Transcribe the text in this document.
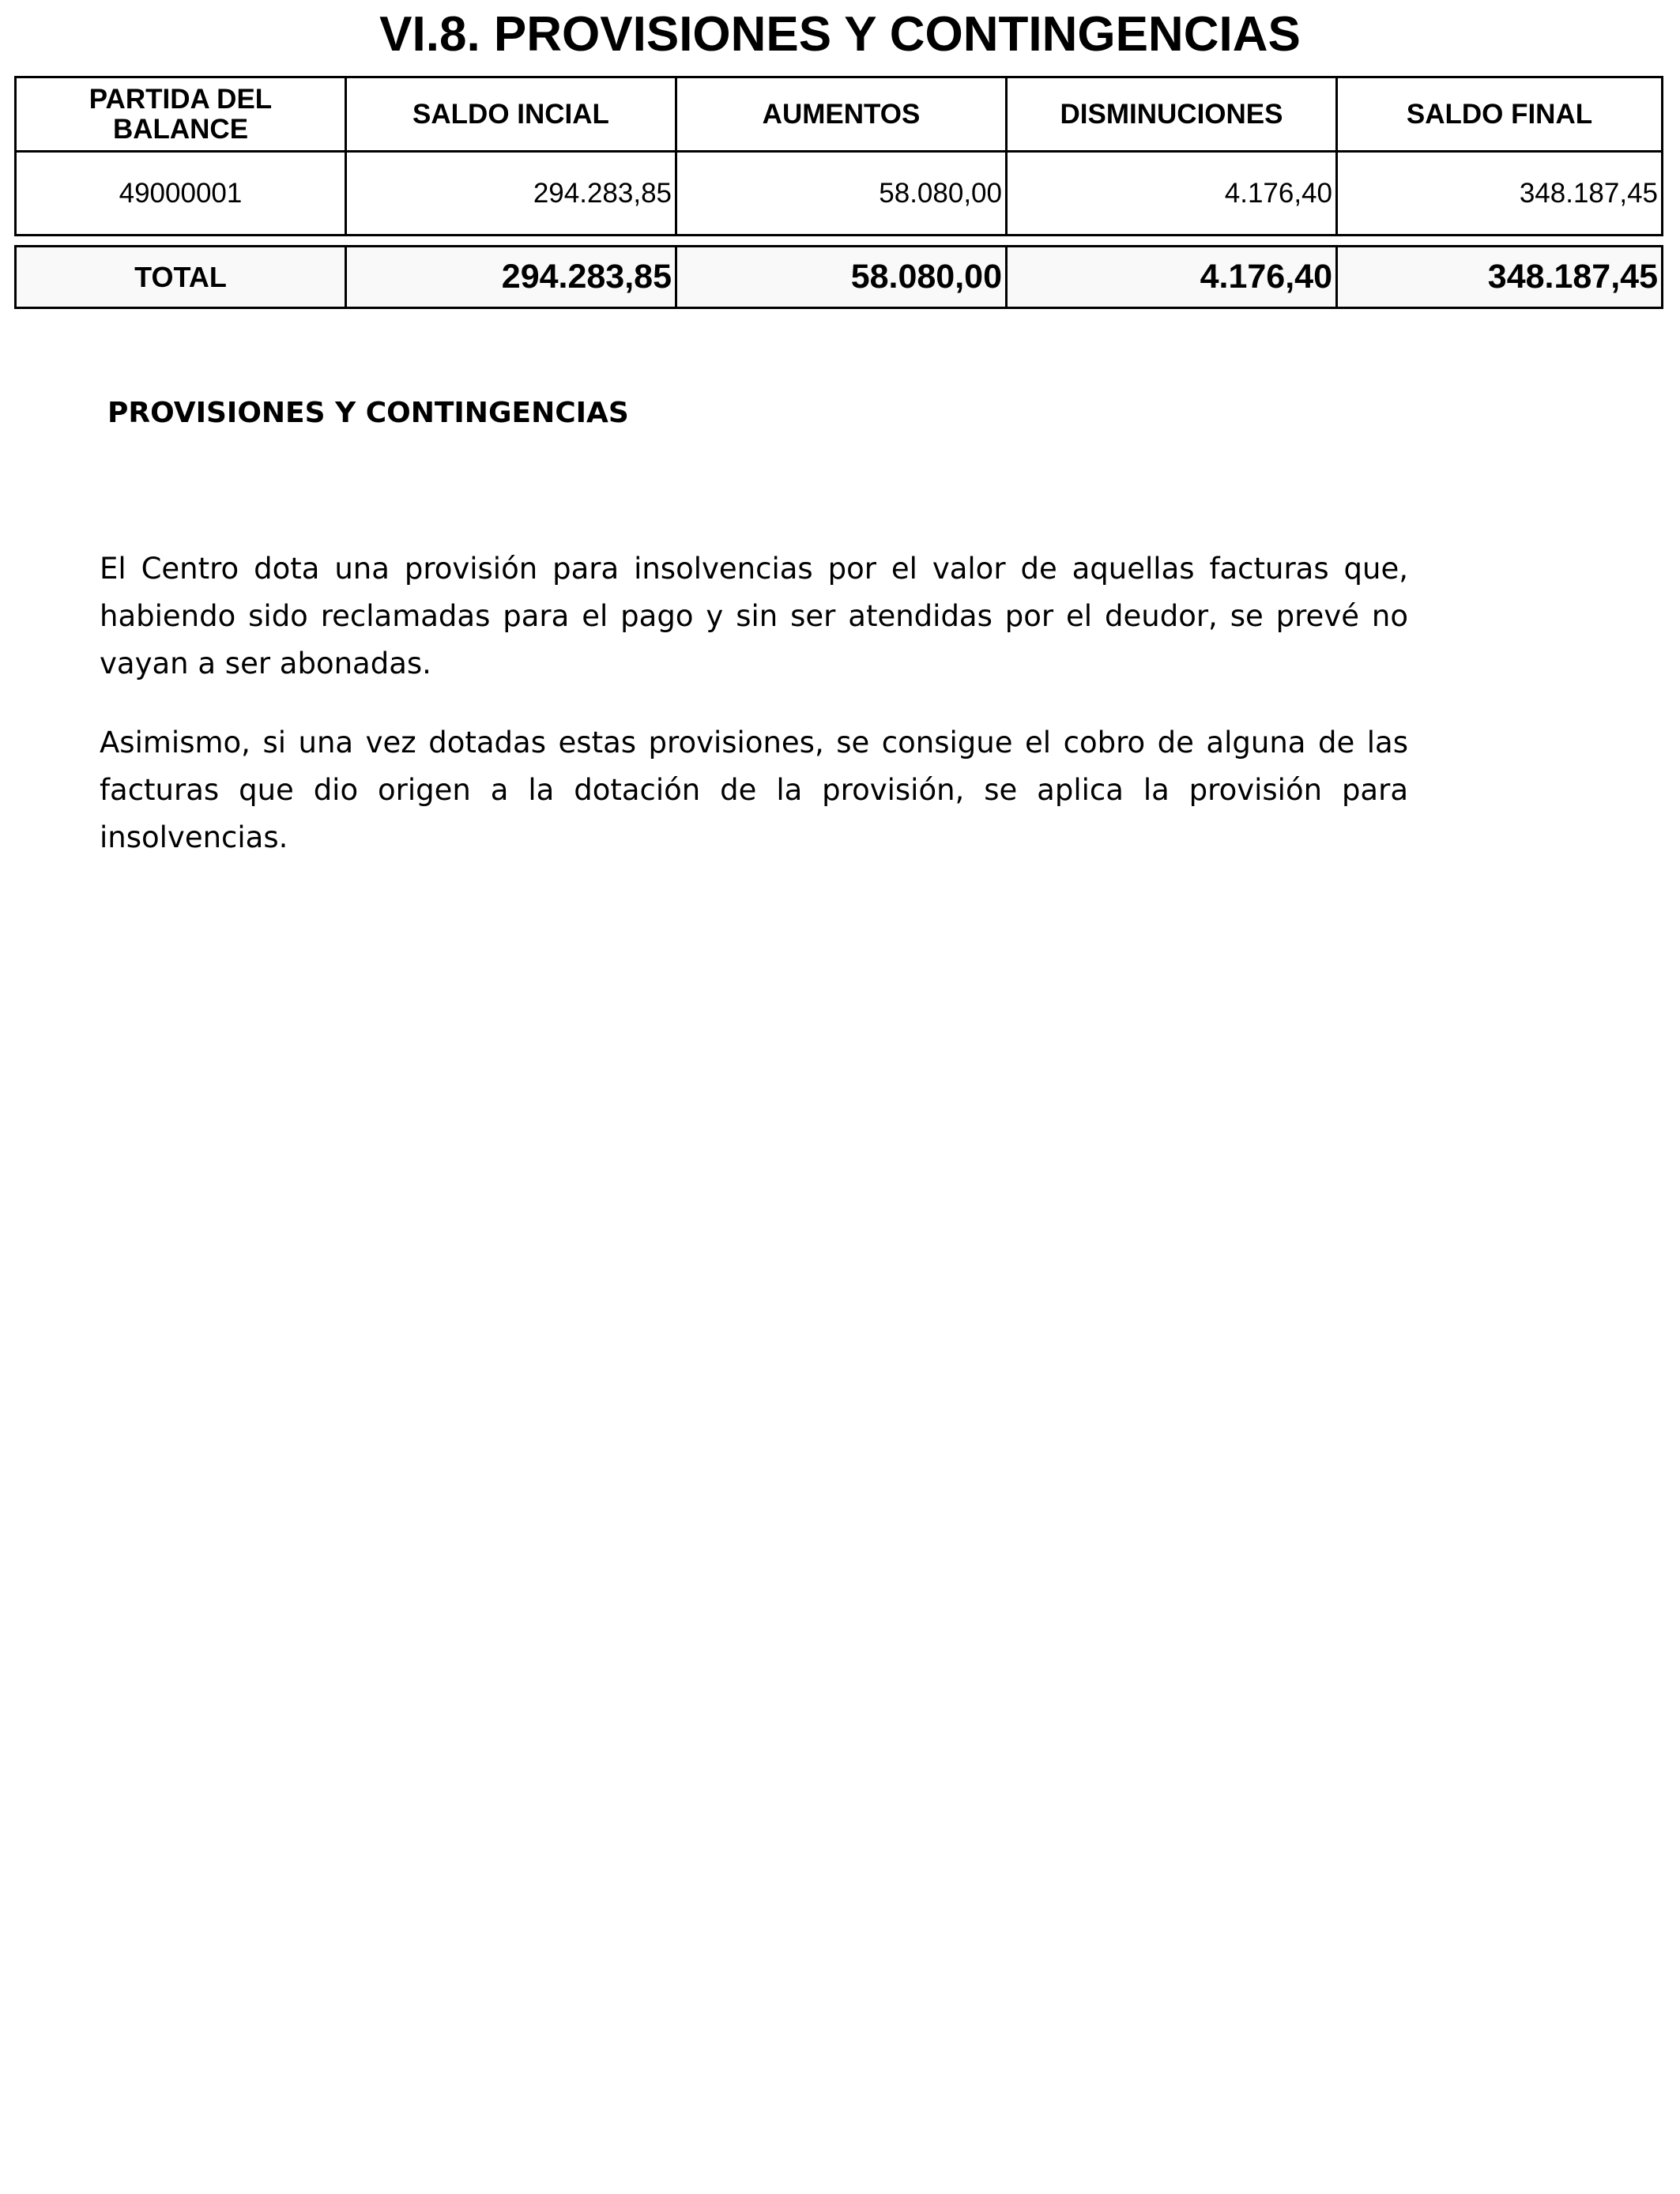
VI.8. PROVISIONES Y CONTINGENCIAS
PARTIDA DEL BALANCE	SALDO INCIAL	AUMENTOS	DISMINUCIONES	SALDO FINAL
49000001	294.283,85	58.080,00	4.176,40	348.187,45
TOTAL	294.283,85	58.080,00	4.176,40	348.187,45
PROVISIONES Y CONTINGENCIAS

El Centro dota una provisión para insolvencias por el valor de aquellas facturas que, habiendo sido reclamadas para el pago y sin ser atendidas por el deudor, se prevé no vayan a ser abonadas.

Asimismo, si una vez dotadas estas provisiones, se consigue el cobro de alguna de las facturas que dio origen a la dotación de la provisión, se aplica la provisión para insolvencias.
